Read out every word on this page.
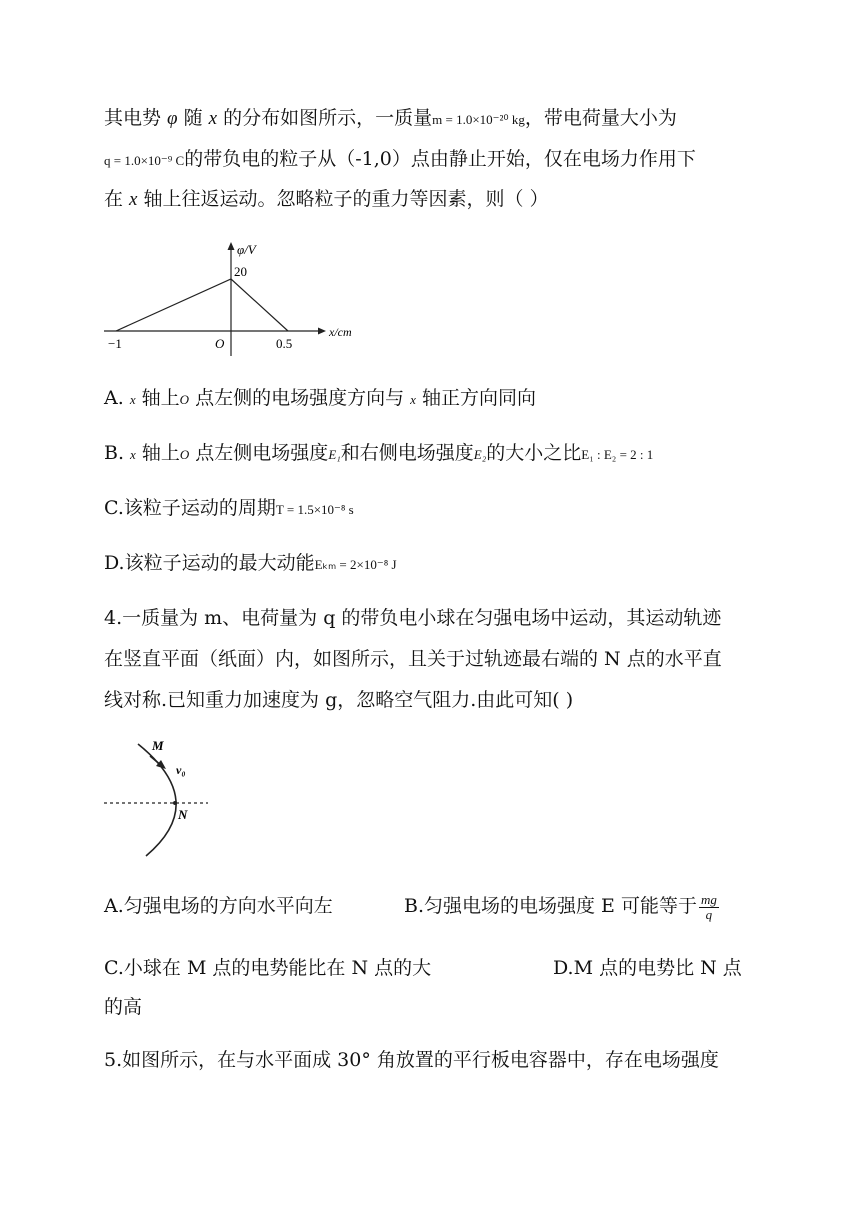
其电势 φ 随 x 的分布如图所示，一质量m = 1.0×10⁻²⁰ kg，带电荷量大小为
q = 1.0×10⁻⁹ C的带负电的粒子从（-1,0）点由静止开始，仅在电场力作用下
在 x 轴上往返运动。忽略粒子的重力等因素，则（ ）
φ/V
20
x/cm
−1	O	0.5
A. x 轴上O 点左侧的电场强度方向与 x 轴正方向同向
B. x 轴上O 点左侧电场强度E₁和右侧电场强度E₂的大小之比E₁ : E₂ = 2 : 1
C.该粒子运动的周期T = 1.5×10⁻⁸ s
D.该粒子运动的最大动能Eₖₘ = 2×10⁻⁸ J
4.一质量为 m、电荷量为 q 的带负电小球在匀强电场中运动，其运动轨迹
在竖直平面（纸面）内，如图所示，且关于过轨迹最右端的 N 点的水平直
线对称.已知重力加速度为 g，忽略空气阻力.由此可知( )
M
v₀
N
A.匀强电场的方向水平向左	B.匀强电场的电场强度 E 可能等于 $\frac{mg}{q}$
C.小球在 M 点的电势能比在 N 点的大	D.M 点的电势比 N 点
的高
5.如图所示，在与水平面成 30° 角放置的平行板电容器中，存在电场强度
